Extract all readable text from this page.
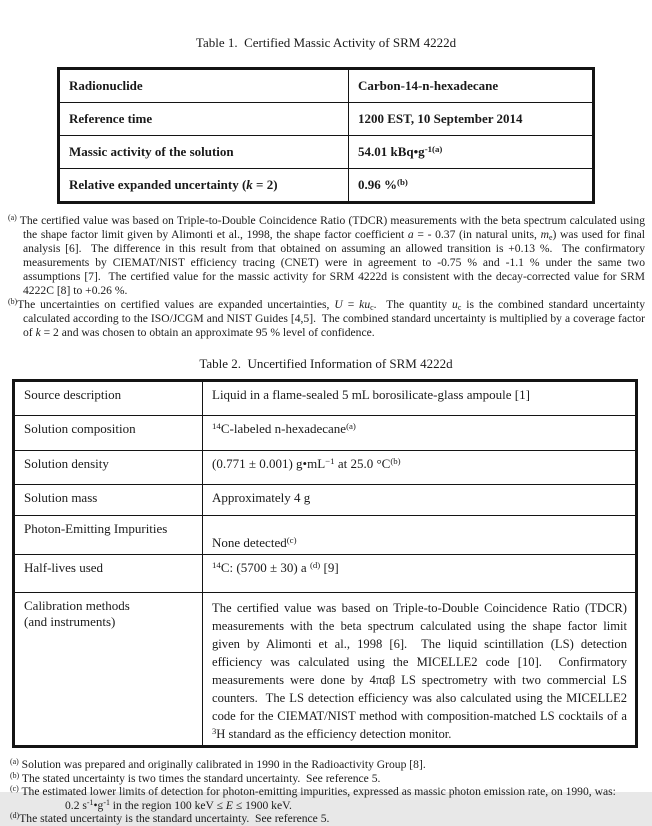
Table 1.  Certified Massic Activity of SRM 4222d
Radionuclide	Carbon-14-n-hexadecane
Reference time	1200 EST, 10 September 2014
Massic activity of the solution	54.01 $kBq•g^{-1(a)}$
Relative expanded uncertainty (k = 2)	0.96 %$^{(b)}$
$^{(a)}$ The certified value was based on Triple-to-Double Coincidence Ratio (TDCR) measurements with the beta spectrum calculated using the shape factor limit given by Alimonti et al., 1998, the shape factor coefficient a = - 0.37 (in natural units, me) was used for final analysis [6].  The difference in this result from that obtained on assuming an allowed transition is +0.13 %.  The confirmatory measurements by CIEMAT/NIST efficiency tracing (CNET) were in agreement to -0.75 % and -1.1 % under the same two assumptions [7].  The certified value for the massic activity for SRM 4222d is consistent with the decay-corrected value for SRM 4222C [8] to +0.26 %.
$^{(b)}$The uncertainties on certified values are expanded uncertainties, U = kuc.  The quantity uc is the combined standard uncertainty calculated according to the ISO/JCGM and NIST Guides [4,5].  The combined standard uncertainty is multiplied by a coverage factor of k = 2 and was chosen to obtain an approximate 95 % level of confidence.
Table 2.  Uncertified Information of SRM 4222d
Source description	Liquid in a flame-sealed 5 mL borosilicate-glass ampoule [1]
Solution composition	$^{14}$C-labeled n-hexadecane$^{(a)}$
Solution density	(0.771 ± 0.001) $g•mL^{-1}$ at 25.0 $^\circ C^{(b)}$
Solution mass	Approximately 4 g
Photon-Emitting Impurities	None detected$^{(c)}$
Half-lives used	$^{14}$C: (5700 ± 30) a $^{(d)}$ [9]
Calibration methods
(and instruments)	The certified value was based on Triple-to-Double Coincidence Ratio (TDCR) measurements with the beta spectrum calculated using the shape factor limit given by Alimonti et al., 1998 [6].  The liquid scintillation (LS) detection efficiency was calculated using the MICELLE2 code [10].  Confirmatory measurements were done by 4παβ LS spectrometry with two commercial LS counters.  The LS detection efficiency was also calculated using the MICELLE2 code for the CIEMAT/NIST method with composition-matched LS cocktails of a $^3$H standard as the efficiency detection monitor.
$^{(a)}$ Solution was prepared and originally calibrated in 1990 in the Radioactivity Group [8].
$^{(b)}$ The stated uncertainty is two times the standard uncertainty.  See reference 5.
$^{(c)}$ The estimated lower limits of detection for photon-emitting impurities, expressed as massic photon emission rate, on 1990, was:
0.2 $s^{-1}•g^{-1}$ in the region 100 keV ≤ E ≤ 1900 keV.
$^{(d)}$The stated uncertainty is the standard uncertainty.  See reference 5.
